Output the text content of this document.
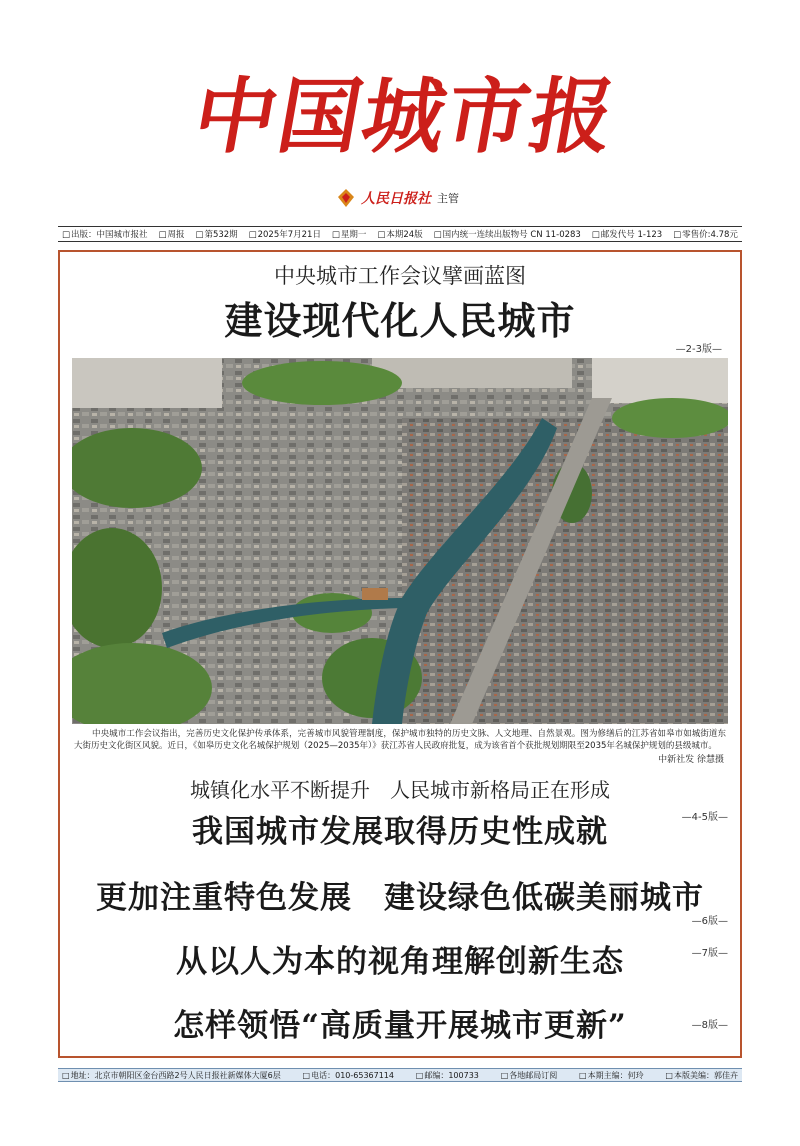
中国城市报
人民日报社 主管
□ 出版：中国城市报社	□ 周报	□ 第532期	□ 2025年7月21日	□ 星期一	□ 本期24版	□ 国内统一连续出版物号 CN 11-0283	□ 邮发代号 1-123	□ 零售价:4.78元
中央城市工作会议擘画蓝图
建设现代化人民城市
—2-3版—
中央城市工作会议指出，完善历史文化保护传承体系，完善城市风貌管理制度，保护城市独特的历史文脉、人文地理、自然景观。图为修缮后的江苏省如皋市如城街道东大街历史文化街区风貌。近日，《如皋历史文化名城保护规划（2025—2035年）》获江苏省人民政府批复，成为该省首个获批规划期限至2035年名城保护规划的县级城市。
中新社发 徐慧摄
城镇化水平不断提升　人民城市新格局正在形成
我国城市发展取得历史性成就	—4-5版—
更加注重特色发展　建设绿色低碳美丽城市
—6版—
从以人为本的视角理解创新生态	—7版—
怎样领悟“高质量开展城市更新”	—8版—
□ 地址：北京市朝阳区金台西路2号人民日报社新媒体大厦6层	□ 电话：010-65367114	□ 邮编：100733	□ 各地邮局订阅	□ 本期主编：何玲	□ 本版美编：郭佳卉
